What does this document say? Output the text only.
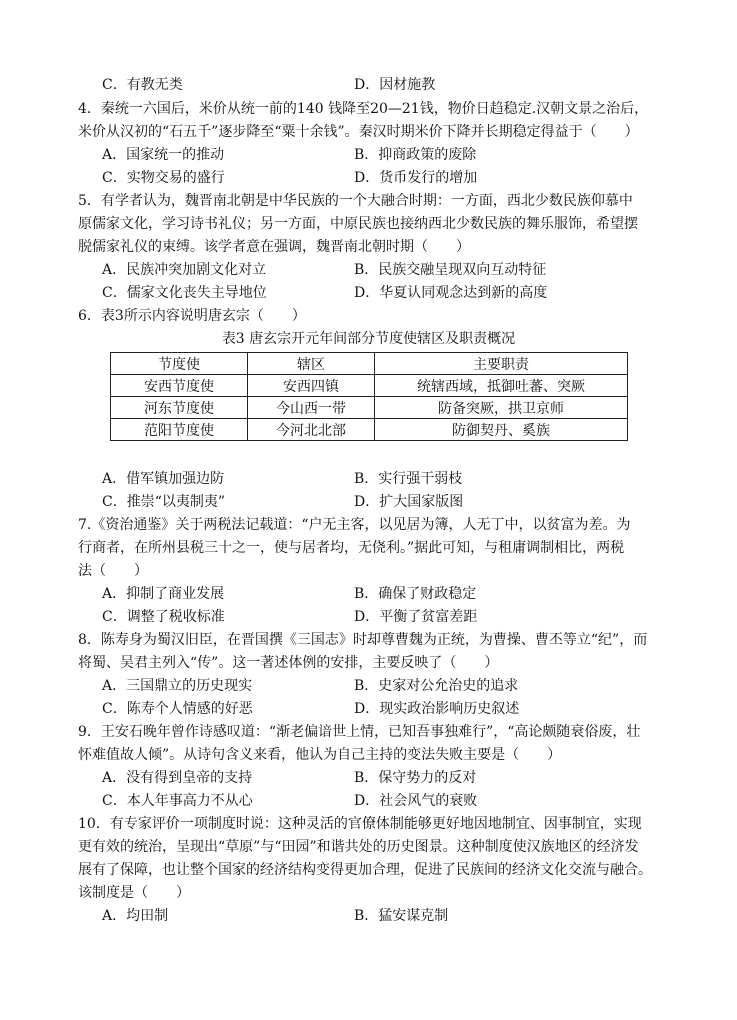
C．有教无类	D．因材施教
4．秦统一六国后，米价从统一前的140 钱降至20—21钱，物价日趋稳定.汉朝文景之治后，
米价从汉初的“石五千”逐步降至“粟十余钱”。秦汉时期米价下降并长期稳定得益于（　　）
A．国家统一的推动	B．抑商政策的废除
C．实物交易的盛行	D．货币发行的增加
5．有学者认为，魏晋南北朝是中华民族的一个大融合时期：一方面，西北少数民族仰慕中
原儒家文化，学习诗书礼仪；另一方面，中原民族也接纳西北少数民族的舞乐服饰，希望摆
脱儒家礼仪的束缚。该学者意在强调，魏晋南北朝时期（　　）
A．民族冲突加剧文化对立	B．民族交融呈现双向互动特征
C．儒家文化丧失主导地位	D．华夏认同观念达到新的高度
6．表3所示内容说明唐玄宗（　　）
表3 唐玄宗开元年间部分节度使辖区及职责概况
节度使	辖区	主要职责
安西节度使	安西四镇	统辖西域，抵御吐蕃、突厥
河东节度使	今山西一带	防备突厥，拱卫京师
范阳节度使	今河北北部	防御契丹、奚族
A．借军镇加强边防	B．实行强干弱枝
C．推崇“以夷制夷”	D．扩大国家版图
7.《资治通鉴》关于两税法记载道：“户无主客，以见居为簿，人无丁中，以贫富为差。为
行商者，在所州县税三十之一，使与居者均，无侥利。”据此可知，与租庸调制相比，两税
法（　　）
A．抑制了商业发展	B．确保了财政稳定
C．调整了税收标准	D．平衡了贫富差距
8．陈寿身为蜀汉旧臣，在晋国撰《三国志》时却尊曹魏为正统，为曹操、曹丕等立“纪”，而
将蜀、吴君主列入“传”。这一著述体例的安排，主要反映了（　　）
A．三国鼎立的历史现实	B．史家对公允治史的追求
C．陈寿个人情感的好恶	D．现实政治影响历史叙述
9．王安石晚年曾作诗感叹道：“渐老偏谙世上情，已知吾事独难行”，“高论颇随衰俗废，壮
怀难值故人倾”。从诗句含义来看，他认为自己主持的变法失败主要是（　　）
A．没有得到皇帝的支持	B．保守势力的反对
C．本人年事高力不从心	D．社会风气的衰败
10．有专家评价一项制度时说：这种灵活的官僚体制能够更好地因地制宜、因事制宜，实现
更有效的统治，呈现出“草原”与“田园”和谐共处的历史图景。这种制度使汉族地区的经济发
展有了保障，也让整个国家的经济结构变得更加合理，促进了民族间的经济文化交流与融合。
该制度是（　　）
A．均田制	B．猛安谋克制
